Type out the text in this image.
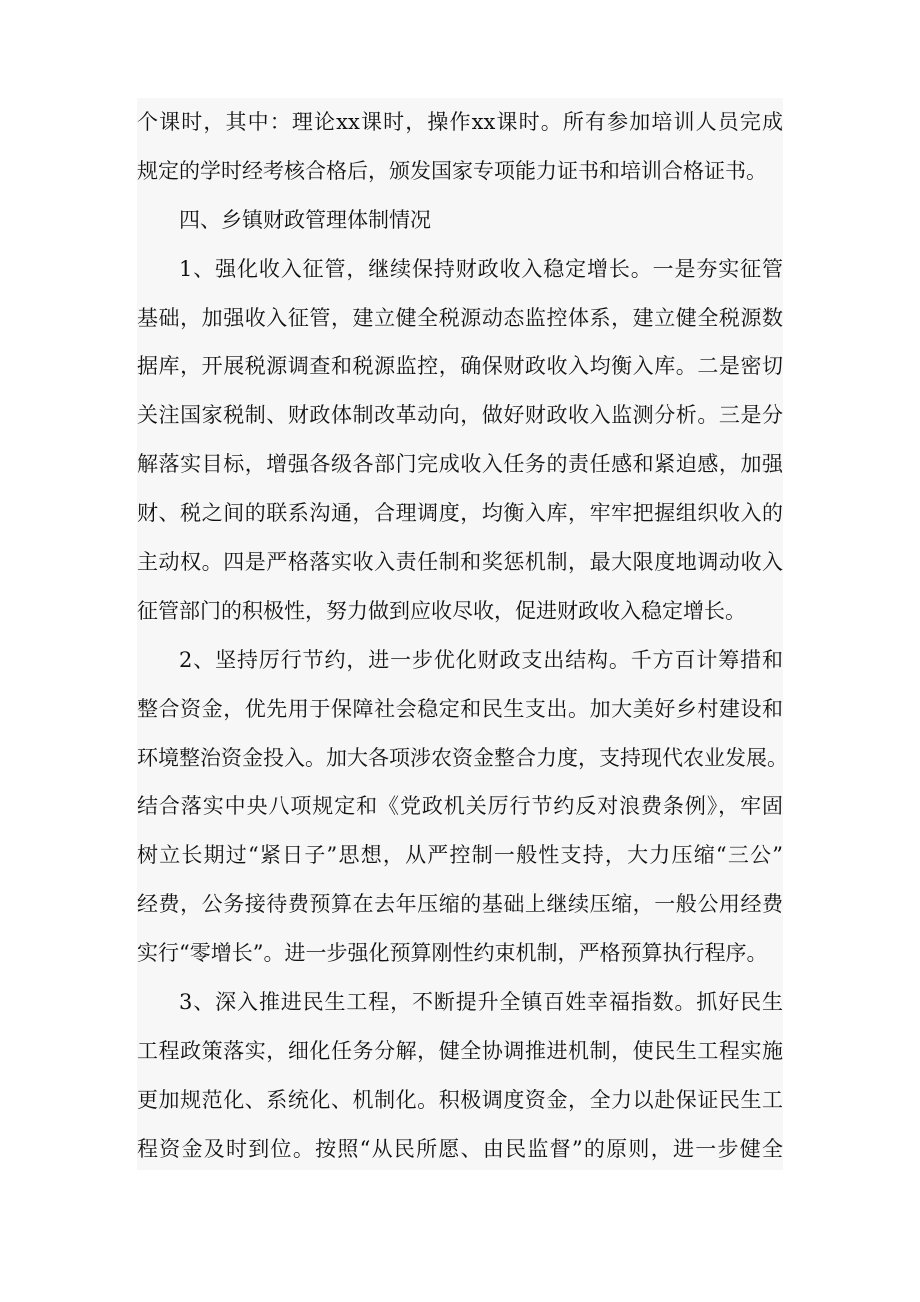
个课时，其中：理论xx课时，操作xx课时。所有参加培训人员完成
规定的学时经考核合格后，颁发国家专项能力证书和培训合格证书。
四、乡镇财政管理体制情况
1、强化收入征管，继续保持财政收入稳定增长。一是夯实征管
基础，加强收入征管，建立健全税源动态监控体系，建立健全税源数
据库，开展税源调查和税源监控，确保财政收入均衡入库。二是密切
关注国家税制、财政体制改革动向，做好财政收入监测分析。三是分
解落实目标，增强各级各部门完成收入任务的责任感和紧迫感，加强
财、税之间的联系沟通，合理调度，均衡入库，牢牢把握组织收入的
主动权。四是严格落实收入责任制和奖惩机制，最大限度地调动收入
征管部门的积极性，努力做到应收尽收，促进财政收入稳定增长。
2、坚持厉行节约，进一步优化财政支出结构。千方百计筹措和
整合资金，优先用于保障社会稳定和民生支出。加大美好乡村建设和
环境整治资金投入。加大各项涉农资金整合力度，支持现代农业发展。
结合落实中央八项规定和《党政机关厉行节约反对浪费条例》，牢固
树立长期过“紧日子”思想，从严控制一般性支持，大力压缩“三公”
经费，公务接待费预算在去年压缩的基础上继续压缩，一般公用经费
实行“零增长”。进一步强化预算刚性约束机制，严格预算执行程序。
3、深入推进民生工程，不断提升全镇百姓幸福指数。抓好民生
工程政策落实，细化任务分解，健全协调推进机制，使民生工程实施
更加规范化、系统化、机制化。积极调度资金，全力以赴保证民生工
程资金及时到位。按照“从民所愿、由民监督”的原则，进一步健全
